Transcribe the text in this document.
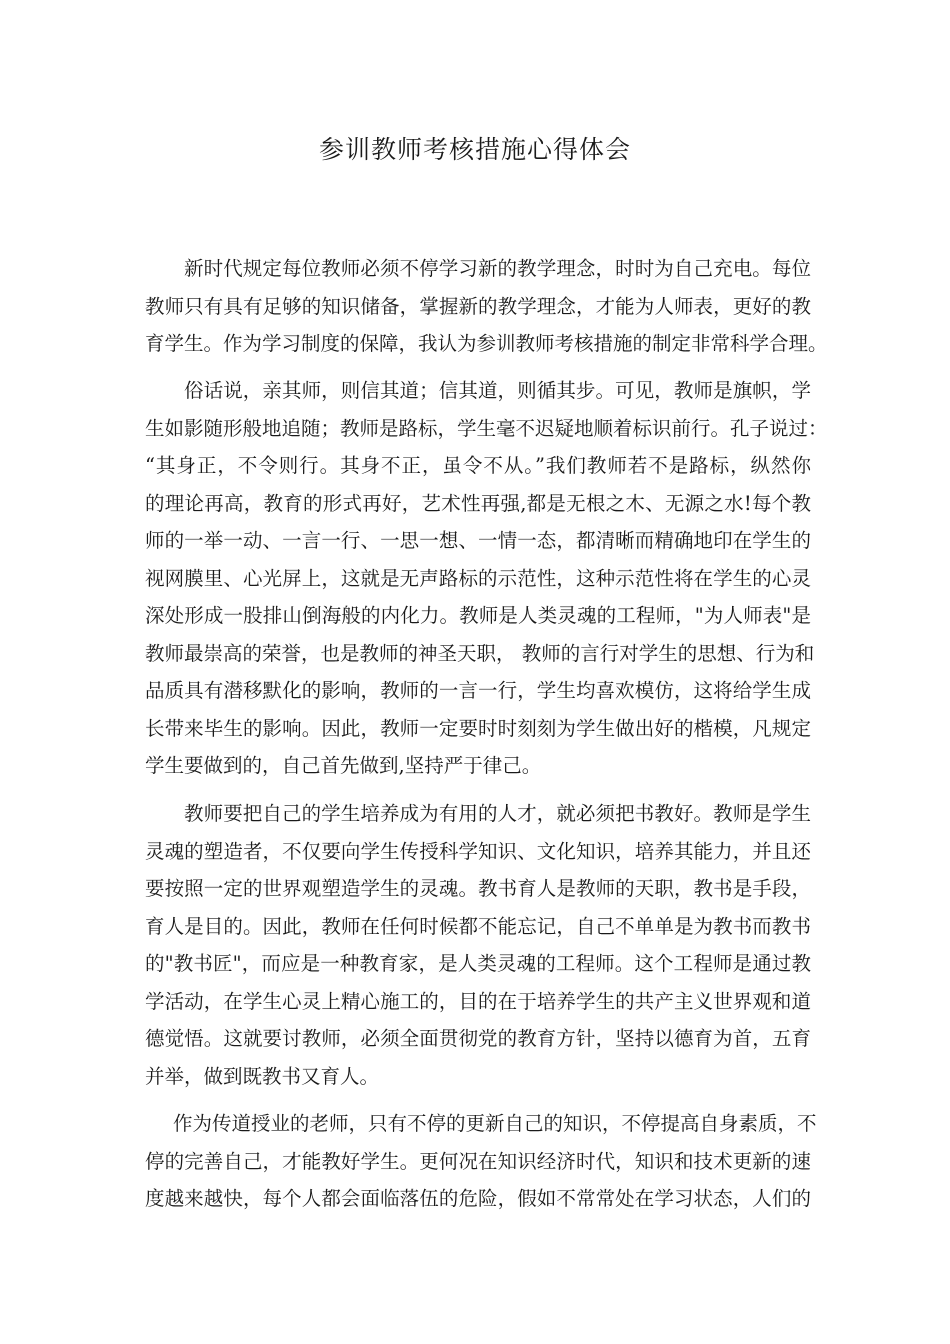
参训教师考核措施心得体会
新时代规定每位教师必须不停学习新的教学理念，时时为自己充电。每位
教师只有具有足够的知识储备，掌握新的教学理念，才能为人师表，更好的教
育学生。作为学习制度的保障，我认为参训教师考核措施的制定非常科学合理。
俗话说，亲其师，则信其道；信其道，则循其步。可见，教师是旗帜，学
生如影随形般地追随；教师是路标，学生毫不迟疑地顺着标识前行。孔子说过：
“其身正，不令则行。其身不正，虽令不从。”我们教师若不是路标，纵然你
的理论再高，教育的形式再好，艺术性再强,都是无根之木、无源之水!每个教
师的一举一动、一言一行、一思一想、一情一态，都清晰而精确地印在学生的
视网膜里、心光屏上，这就是无声路标的示范性，这种示范性将在学生的心灵
深处形成一股排山倒海般的内化力。教师是人类灵魂的工程师，"为人师表"是
教师最崇高的荣誉，也是教师的神圣天职， 教师的言行对学生的思想、行为和
品质具有潜移默化的影响，教师的一言一行，学生均喜欢模仿，这将给学生成
长带来毕生的影响。因此，教师一定要时时刻刻为学生做出好的楷模，凡规定
学生要做到的，自己首先做到,坚持严于律己。
教师要把自己的学生培养成为有用的人才，就必须把书教好。教师是学生
灵魂的塑造者，不仅要向学生传授科学知识、文化知识，培养其能力，并且还
要按照一定的世界观塑造学生的灵魂。教书育人是教师的天职，教书是手段，
育人是目的。因此，教师在任何时候都不能忘记，自己不单单是为教书而教书
的"教书匠"，而应是一种教育家，是人类灵魂的工程师。这个工程师是通过教
学活动，在学生心灵上精心施工的，目的在于培养学生的共产主义世界观和道
德觉悟。这就要讨教师，必须全面贯彻党的教育方针，坚持以德育为首，五育
并举，做到既教书又育人。
作为传道授业的老师，只有不停的更新自己的知识，不停提高自身素质，不
停的完善自己，才能教好学生。更何况在知识经济时代，知识和技术更新的速
度越来越快，每个人都会面临落伍的危险，假如不常常处在学习状态，人们的
